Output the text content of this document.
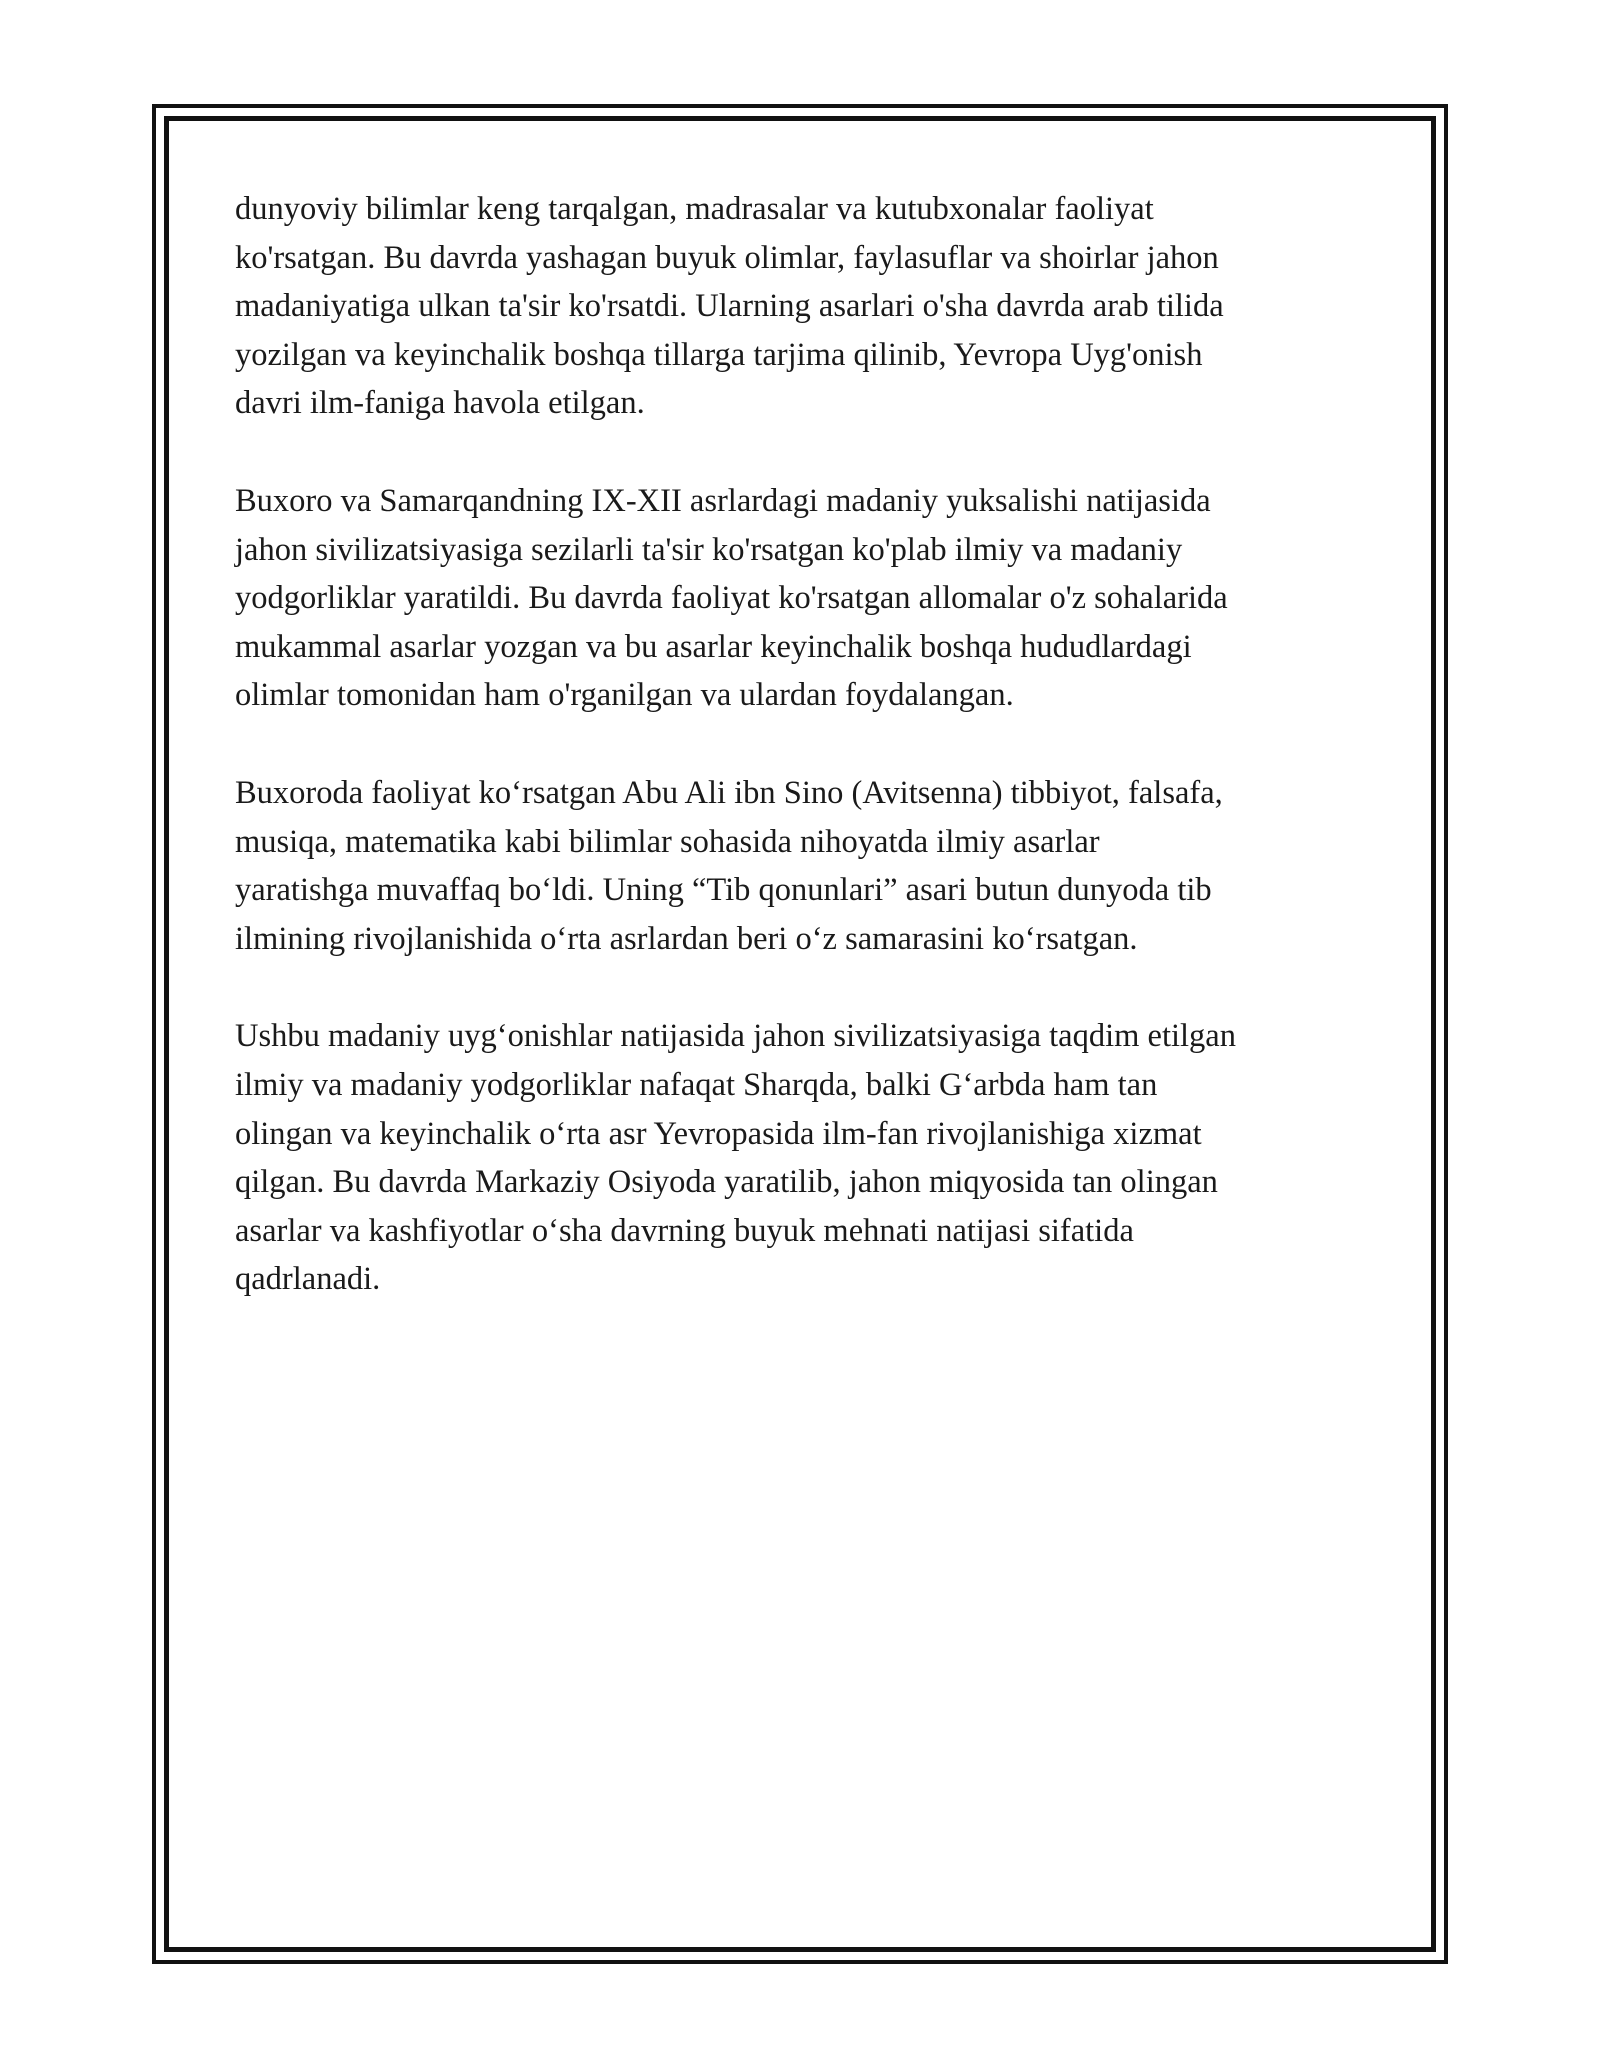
dunyoviy bilimlar keng tarqalgan, madrasalar va kutubxonalar faoliyat
ko'rsatgan. Bu davrda yashagan buyuk olimlar, faylasuflar va shoirlar jahon
madaniyatiga ulkan ta'sir ko'rsatdi. Ularning asarlari o'sha davrda arab tilida
yozilgan va keyinchalik boshqa tillarga tarjima qilinib, Yevropa Uyg'onish
davri ilm-faniga havola etilgan.

Buxoro va Samarqandning IX-XII asrlardagi madaniy yuksalishi natijasida
jahon sivilizatsiyasiga sezilarli ta'sir ko'rsatgan ko'plab ilmiy va madaniy
yodgorliklar yaratildi. Bu davrda faoliyat ko'rsatgan allomalar o'z sohalarida
mukammal asarlar yozgan va bu asarlar keyinchalik boshqa hududlardagi
olimlar tomonidan ham o'rganilgan va ulardan foydalangan.

Buxoroda faoliyat ko‘rsatgan Abu Ali ibn Sino (Avitsenna) tibbiyot, falsafa,
musiqa, matematika kabi bilimlar sohasida nihoyatda ilmiy asarlar
yaratishga muvaffaq bo‘ldi. Uning “Tib qonunlari” asari butun dunyoda tib
ilmining rivojlanishida o‘rta asrlardan beri o‘z samarasini ko‘rsatgan.

Ushbu madaniy uyg‘onishlar natijasida jahon sivilizatsiyasiga taqdim etilgan
ilmiy va madaniy yodgorliklar nafaqat Sharqda, balki G‘arbda ham tan
olingan va keyinchalik o‘rta asr Yevropasida ilm-fan rivojlanishiga xizmat
qilgan. Bu davrda Markaziy Osiyoda yaratilib, jahon miqyosida tan olingan
asarlar va kashfiyotlar o‘sha davrning buyuk mehnati natijasi sifatida
qadrlanadi.
